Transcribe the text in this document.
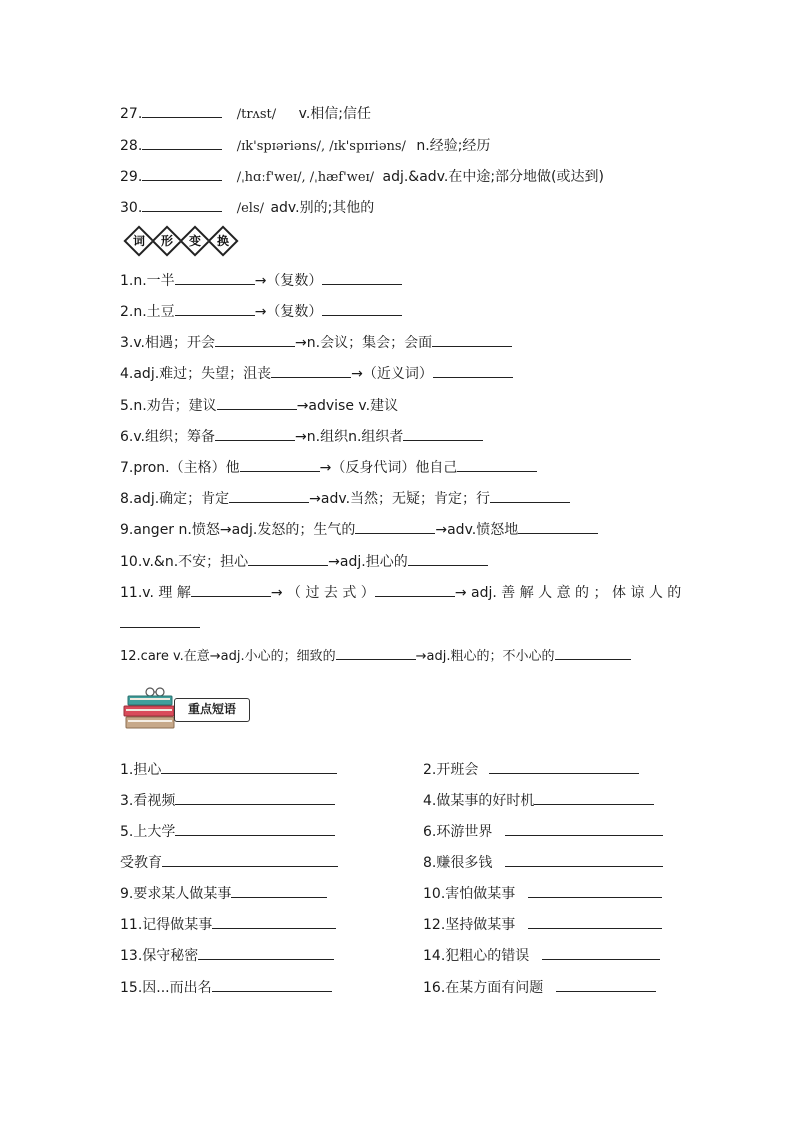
27.	/trʌst/ v.相信;信任
28.	/ɪk'spɪəriəns/, /ɪk'spɪriəns/ n.经验;经历
29.	/ˌhɑːf'weɪ/, /ˌhæf'weɪ/ adj.&adv.在中途;部分地做(或达到)
30.	/els/ adv.别的;其他的
词 形 变 换
1.n.一半	→（复数）
2.n.土豆	→（复数）
3.v.相遇；开会	→n.会议；集会；会面
4.adj.难过；失望；沮丧	→（近义词）
5.n.劝告；建议	→advise v.建议
6.v.组织；筹备	→n.组织n.组织者
7.pron.（主格）他	→（反身代词）他自己
8.adj.确定；肯定	→adv.当然；无疑；肯定；行
9.anger n.愤怒→adj.发怒的；生气的	→adv.愤怒地
10.v.&n.不安；担心	→adj.担心的
11.v. 理 解	→ （ 过 去 式 ）	→ adj. 善 解 人 意 的 ； 体 谅 人 的
12.care v.在意→adj.小心的；细致的	→adj.粗心的；不小心的
重点短语
1.担心	2.开班会
3.看视频	4.做某事的好时机
5.上大学	6.环游世界
受教育	8.赚很多钱
9.要求某人做某事	10.害怕做某事
11.记得做某事	12.坚持做某事
13.保守秘密	14.犯粗心的错误
15.因...而出名	16.在某方面有问题
